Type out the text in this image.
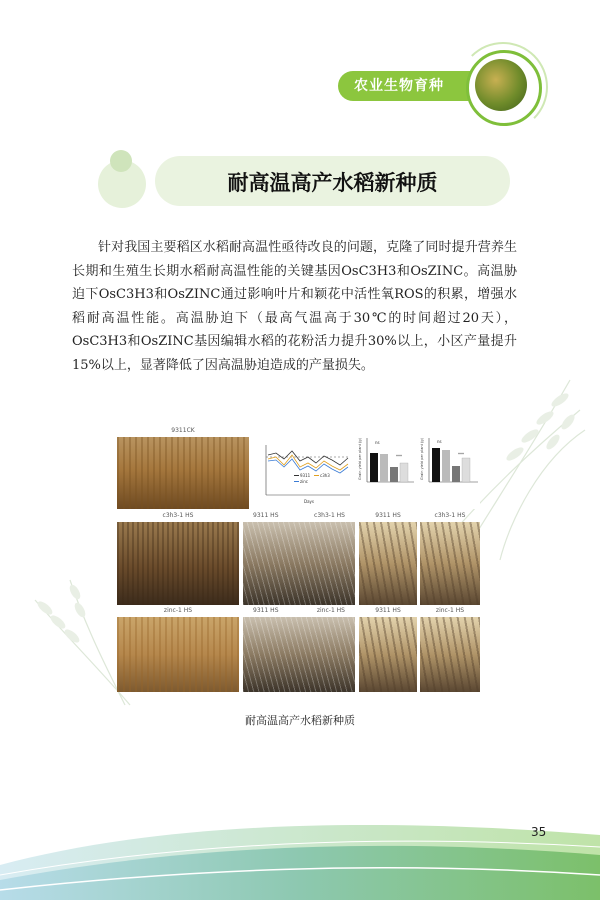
农业生物育种
耐高温高产水稻新种质
针对我国主要稻区水稻耐高温性亟待改良的问题，克隆了同时提升营养生长期和生殖生长期水稻耐高温性能的关键基因OsC3H3和OsZINC。高温胁迫下OsC3H3和OsZINC通过影响叶片和颖花中活性氧ROS的积累，增强水稻耐高温性能。高温胁迫下（最高气温高于30℃的时间超过20天），OsC3H3和OsZINC基因编辑水稻的花粉活力提升30%以上，小区产量提升15%以上，显著降低了因高温胁迫造成的产量损失。
9311CK
9311 c3h3
zinc
Days
Grain yield per plant (g)	ns
***	Grain yield per plant (g)	ns
***
c3h3-1 HS	9311 HS	c3h3-1 HS	9311 HS	c3h3-1 HS
zinc-1 HS	9311 HS	zinc-1 HS	9311 HS	zinc-1 HS
耐高温高产水稻新种质
35
